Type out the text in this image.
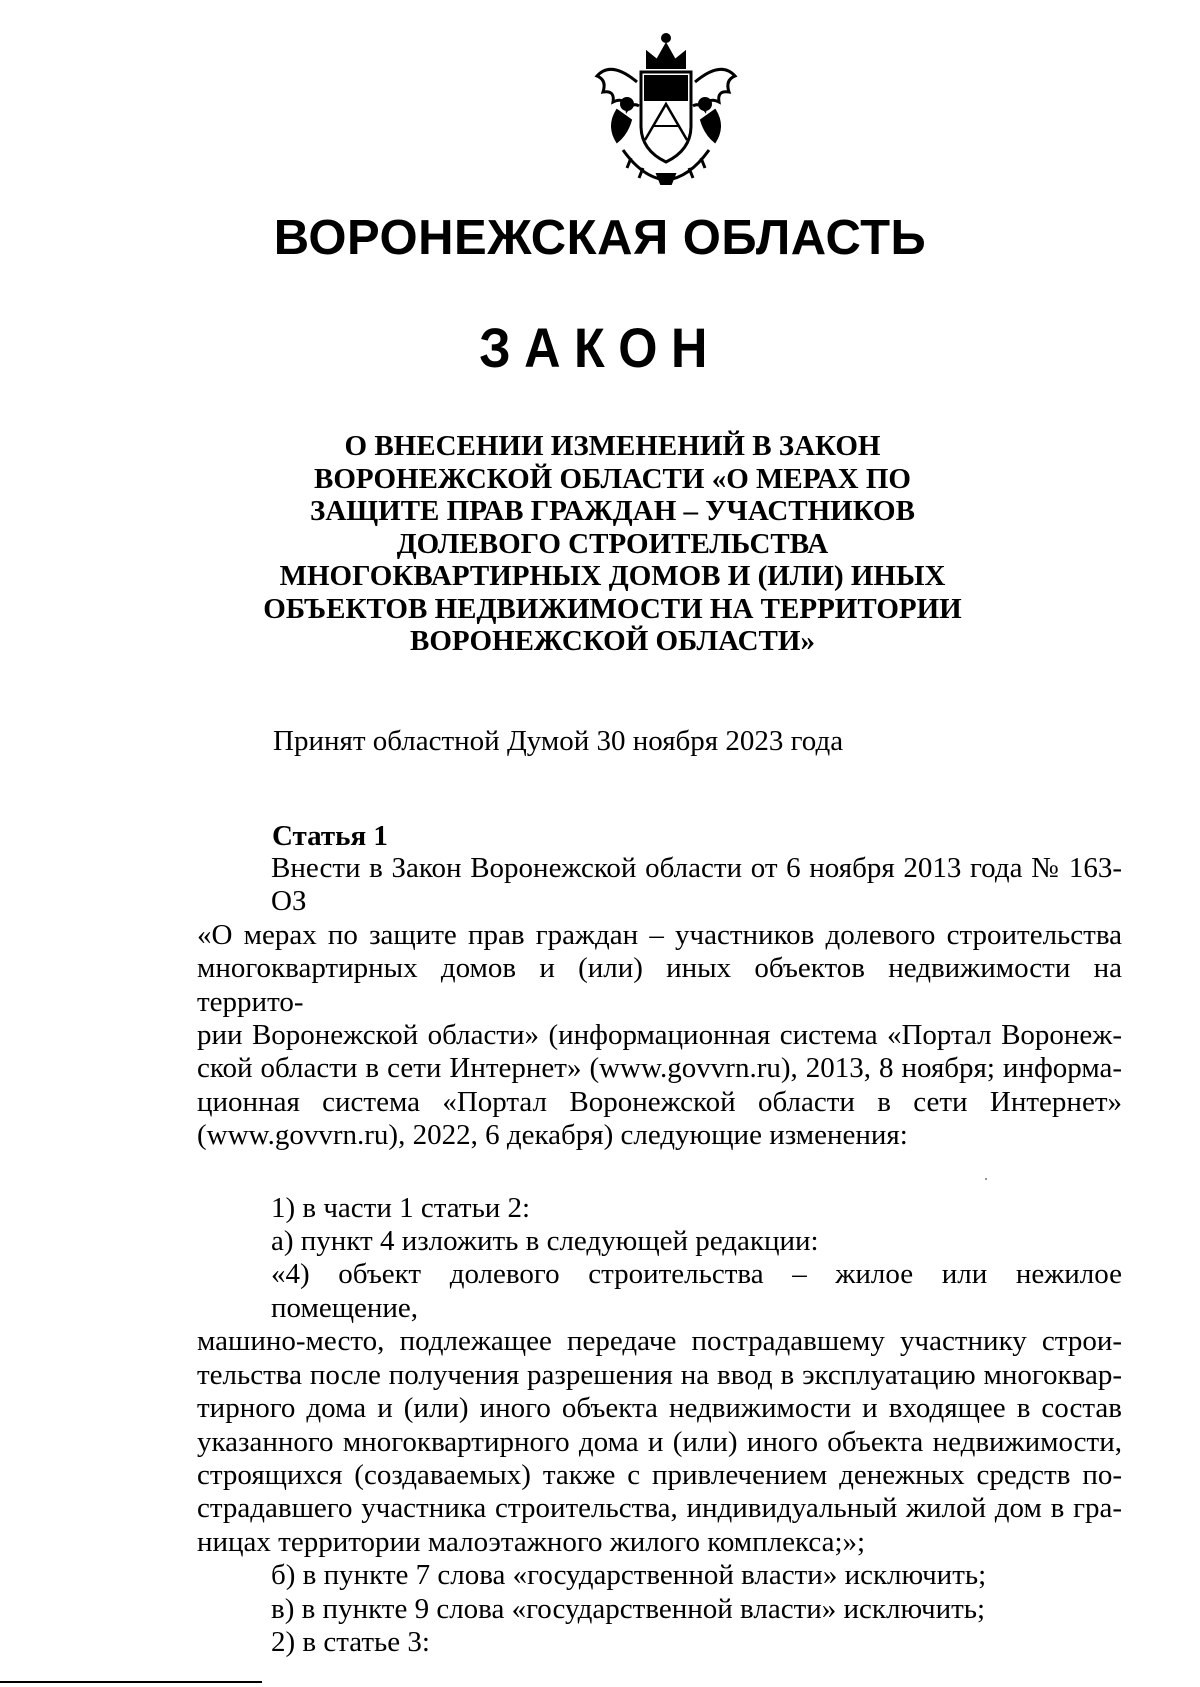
ВОРОНЕЖСКАЯ ОБЛАСТЬ
ЗАКОН
О ВНЕСЕНИИ ИЗМЕНЕНИЙ В ЗАКОН
ВОРОНЕЖСКОЙ ОБЛАСТИ «О МЕРАХ ПО
ЗАЩИТЕ ПРАВ ГРАЖДАН – УЧАСТНИКОВ
ДОЛЕВОГО СТРОИТЕЛЬСТВА
МНОГОКВАРТИРНЫХ ДОМОВ И (ИЛИ) ИНЫХ
ОБЪЕКТОВ НЕДВИЖИМОСТИ НА ТЕРРИТОРИИ
ВОРОНЕЖСКОЙ ОБЛАСТИ»
Принят областной Думой 30 ноября 2023 года
Статья 1

Внести в Закон Воронежской области от 6 ноября 2013 года № 163-ОЗ

«О мерах по защите прав граждан – участников долевого строительства

многоквартирных домов и (или) иных объектов недвижимости на террито-

рии Воронежской области» (информационная система «Портал Воронеж-

ской области в сети Интернет» (www.govvrn.ru), 2013, 8 ноября; информа-

ционная система «Портал Воронежской области в сети Интернет»

(www.govvrn.ru), 2022, 6 декабря) следующие изменения:

1) в части 1 статьи 2:

а) пункт 4 изложить в следующей редакции:

«4) объект долевого строительства – жилое или нежилое помещение,

машино-место, подлежащее передаче пострадавшему участнику строи-

тельства после получения разрешения на ввод в эксплуатацию многоквар-

тирного дома и (или) иного объекта недвижимости и входящее в состав

указанного многоквартирного дома и (или) иного объекта недвижимости,

строящихся (создаваемых) также с привлечением денежных средств по-

страдавшего участника строительства, индивидуальный жилой дом в гра-

ницах территории малоэтажного жилого комплекса;»;

б) в пункте 7 слова «государственной власти» исключить;

в) в пункте 9 слова «государственной власти» исключить;

2) в статье 3:
